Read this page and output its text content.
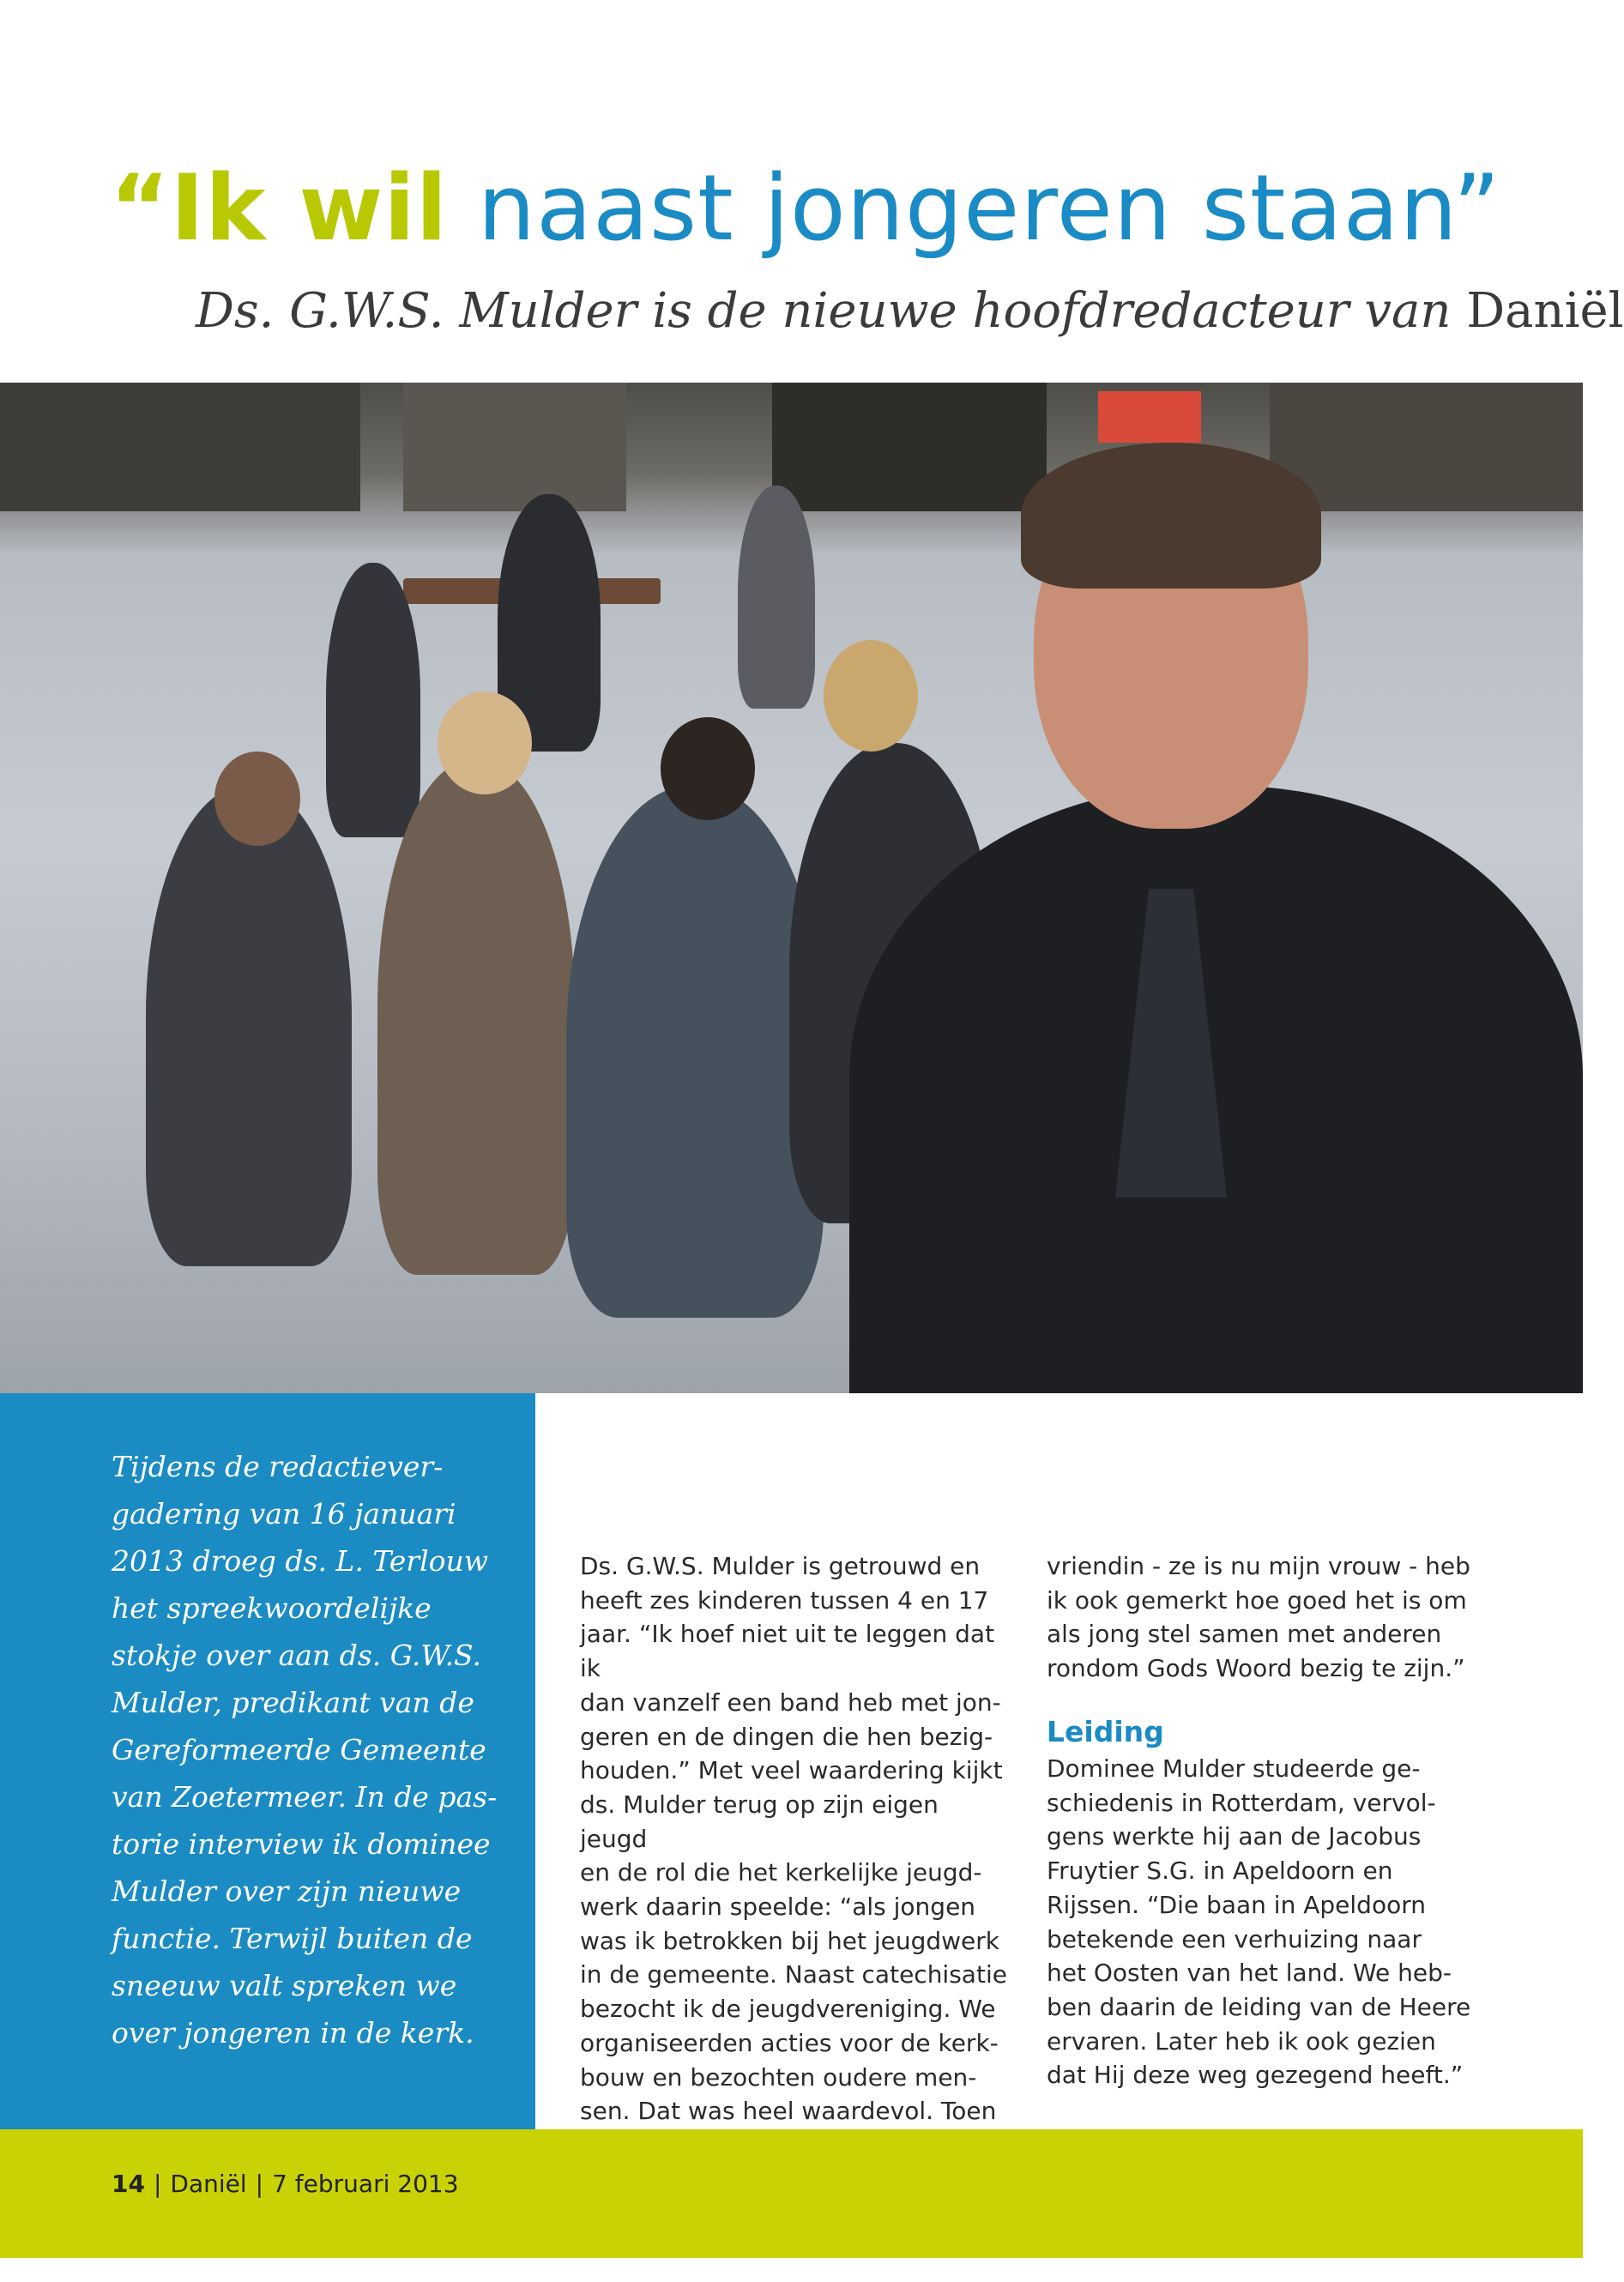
“Ik wil naast jongeren staan”
Ds. G.W.S. Mulder is de nieuwe hoofdredacteur van Daniël

Tijdens de redactiever-
gadering van 16 januari
2013 droeg ds. L. Terlouw
het spreekwoordelijke
stokje over aan ds. G.W.S.
Mulder, predikant van de
Gereformeerde Gemeente
van Zoetermeer. In de pas-
torie interview ik dominee
Mulder over zijn nieuwe
functie. Terwijl buiten de
sneeuw valt spreken we
over jongeren in de kerk.

Ds. G.W.S. Mulder is getrouwd en
heeft zes kinderen tussen 4 en 17
jaar. “Ik hoef niet uit te leggen dat ik
dan vanzelf een band heb met jon-
geren en de dingen die hen bezig-
houden.” Met veel waardering kijkt
ds. Mulder terug op zijn eigen jeugd
en de rol die het kerkelijke jeugd-
werk daarin speelde: “als jongen
was ik betrokken bij het jeugdwerk
in de gemeente. Naast catechisatie
bezocht ik de jeugdvereniging. We
organiseerden acties voor de kerk-
bouw en bezochten oudere men-
sen. Dat was heel waardevol. Toen

vriendin - ze is nu mijn vrouw - heb
ik ook gemerkt hoe goed het is om
als jong stel samen met anderen
rondom Gods Woord bezig te zijn.”

Leiding

Dominee Mulder studeerde ge-
schiedenis in Rotterdam, vervol-
gens werkte hij aan de Jacobus
Fruytier S.G. in Apeldoorn en
Rijssen. “Die baan in Apeldoorn
betekende een verhuizing naar
het Oosten van het land. We heb-
ben daarin de leiding van de Heere
ervaren. Later heb ik ook gezien
dat Hij deze weg gezegend heeft.”

14 | Daniël | 7 februari 2013
